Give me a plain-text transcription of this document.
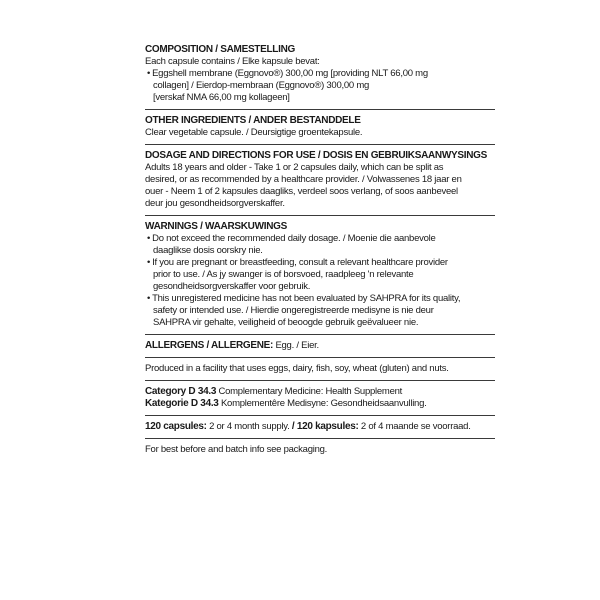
COMPOSITION / SAMESTELLING
Each capsule contains / Elke kapsule bevat:
• Eggshell membrane (Eggnovo®) 300,00 mg [providing NLT 66,00 mg
collagen] / Eierdop-membraan (Eggnovo®) 300,00 mg
[verskaf NMA 66,00 mg kollageen]
OTHER INGREDIENTS / ANDER BESTANDDELE
Clear vegetable capsule. / Deursigtige groentekapsule.
DOSAGE AND DIRECTIONS FOR USE / DOSIS EN GEBRUIKSAANWYSINGS
Adults 18 years and older - Take 1 or 2 capsules daily, which can be split as
desired, or as recommended by a healthcare provider. / Volwassenes 18 jaar en
ouer - Neem 1 of 2 kapsules daagliks, verdeel soos verlang, of soos aanbeveel
deur jou gesondheidsorgverskaffer.
WARNINGS / WAARSKUWINGS
• Do not exceed the recommended daily dosage. / Moenie die aanbevole
daaglikse dosis oorskry nie.
• If you are pregnant or breastfeeding, consult a relevant healthcare provider
prior to use. / As jy swanger is of borsvoed, raadpleeg 'n relevante
gesondheidsorgverskaffer voor gebruik.
• This unregistered medicine has not been evaluated by SAHPRA for its quality,
safety or intended use. / Hierdie ongeregistreerde medisyne is nie deur
SAHPRA vir gehalte, veiligheid of beoogde gebruik geëvalueer nie.
ALLERGENS / ALLERGENE: Egg. / Eier.
Produced in a facility that uses eggs, dairy, fish, soy, wheat (gluten) and nuts.
Category D 34.3 Complementary Medicine: Health Supplement
Kategorie D 34.3 Komplementêre Medisyne: Gesondheidsaanvulling.
120 capsules: 2 or 4 month supply. / 120 kapsules: 2 of 4 maande se voorraad.
For best before and batch info see packaging.
